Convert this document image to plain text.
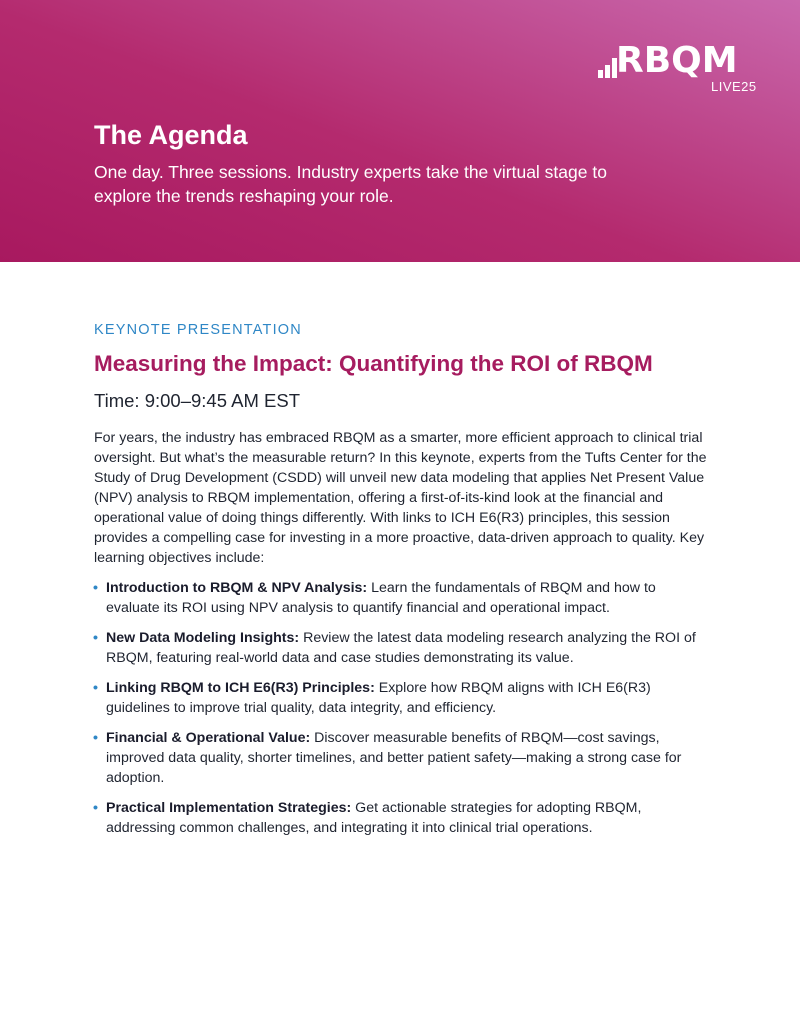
RBQM
LIVE25
The Agenda

One day. Three sessions. Industry experts take the virtual stage to explore the trends reshaping your role.

KEYNOTE PRESENTATION
Measuring the Impact: Quantifying the ROI of RBQM
Time: 9:00–9:45 AM EST

For years, the industry has embraced RBQM as a smarter, more efficient approach to clinical trial oversight. But what’s the measurable return? In this keynote, experts from the Tufts Center for the Study of Drug Development (CSDD) will unveil new data modeling that applies Net Present Value (NPV) analysis to RBQM implementation, offering a first-of-its-kind look at the financial and operational value of doing things differently. With links to ICH E6(R3) principles, this session provides a compelling case for investing in a more proactive, data-driven approach to quality. Key learning objectives include:

• Introduction to RBQM & NPV Analysis: Learn the fundamentals of RBQM and how to evaluate its ROI using NPV analysis to quantify financial and operational impact.
• New Data Modeling Insights: Review the latest data modeling research analyzing the ROI of RBQM, featuring real-world data and case studies demonstrating its value.
• Linking RBQM to ICH E6(R3) Principles: Explore how RBQM aligns with ICH E6(R3) guidelines to improve trial quality, data integrity, and efficiency.
• Financial & Operational Value: Discover measurable benefits of RBQM—cost savings, improved data quality, shorter timelines, and better patient safety—making a strong case for adoption.
• Practical Implementation Strategies: Get actionable strategies for adopting RBQM, addressing common challenges, and integrating it into clinical trial operations.
